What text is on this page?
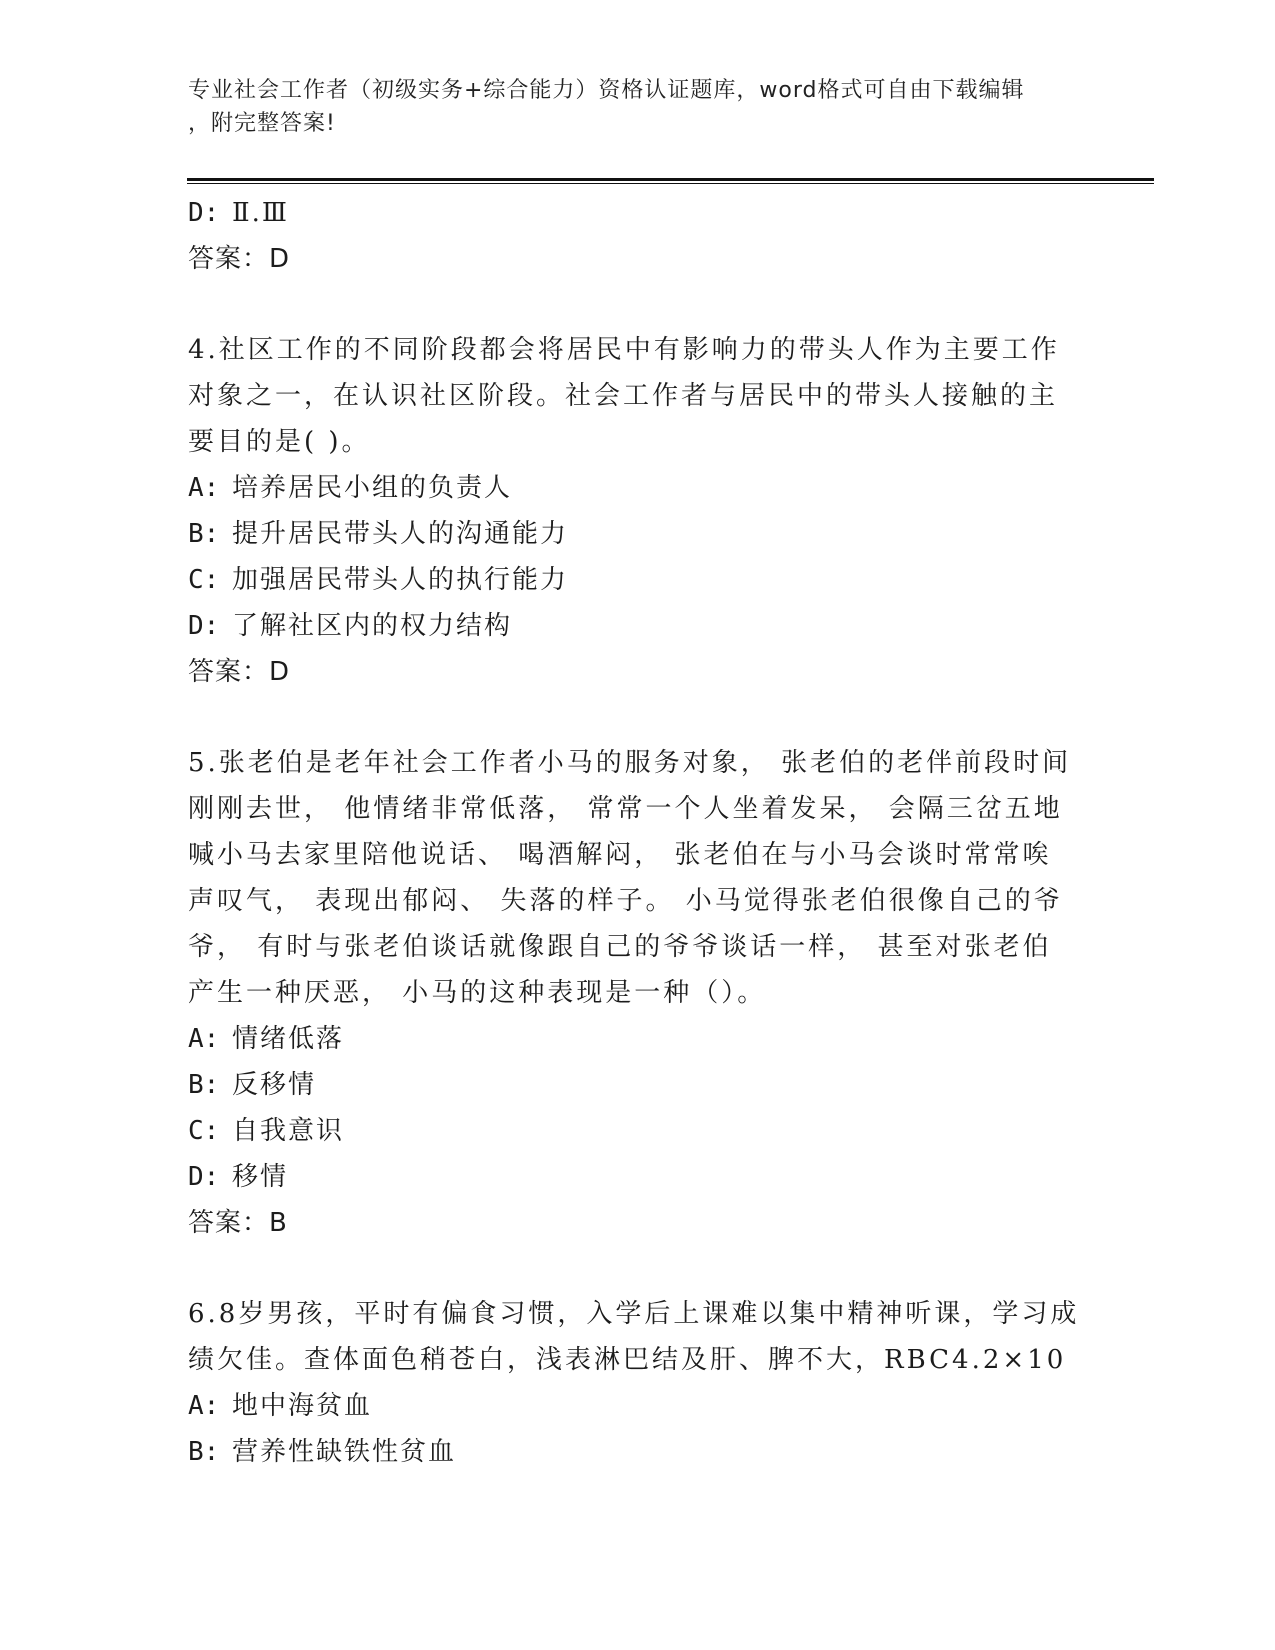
专业社会工作者（初级实务+综合能力）资格认证题库，word格式可自由下载编辑
，附完整答案!
D: Ⅱ.Ⅲ
答案：D
4.社区工作的不同阶段都会将居民中有影响力的带头人作为主要工作
对象之一，在认识社区阶段。社会工作者与居民中的带头人接触的主
要目的是( )。
A: 培养居民小组的负责人
B: 提升居民带头人的沟通能力
C: 加强居民带头人的执行能力
D: 了解社区内的权力结构
答案：D
5.张老伯是老年社会工作者小马的服务对象， 张老伯的老伴前段时间
刚刚去世， 他情绪非常低落， 常常一个人坐着发呆， 会隔三岔五地
喊小马去家里陪他说话、 喝酒解闷， 张老伯在与小马会谈时常常唉
声叹气， 表现出郁闷、 失落的样子。 小马觉得张老伯很像自己的爷
爷， 有时与张老伯谈话就像跟自己的爷爷谈话一样， 甚至对张老伯
产生一种厌恶， 小马的这种表现是一种（）。
A: 情绪低落
B: 反移情
C: 自我意识
D: 移情
答案：B
6.8岁男孩，平时有偏食习惯，入学后上课难以集中精神听课，学习成
绩欠佳。查体面色稍苍白，浅表淋巴结及肝、脾不大，RBC4.2×10
A: 地中海贫血
B: 营养性缺铁性贫血
